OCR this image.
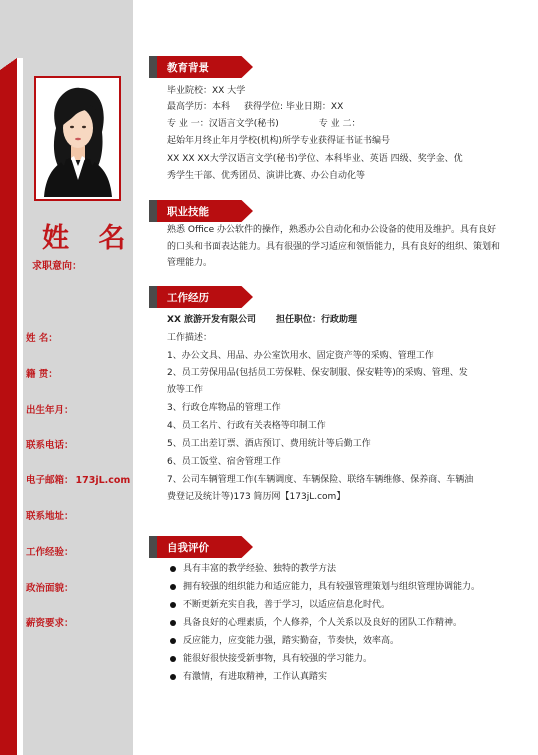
姓 名
求职意向：
姓 名：
籍 贯：
出生年月：
联系电话：
电子邮箱： 173jL.com
联系地址：
工作经验：
政治面貌：
薪资要求：
教育背景
毕业院校：XX 大学
最高学历：本科 获得学位: 毕业日期：XX
专 业 一：汉语言文学(秘书)	专 业 二：
起始年月终止年月学校(机构)所学专业获得证书证书编号
XX XX XX大学汉语言文学(秘书)学位、本科毕业、英语 四级、奖学金、优
秀学生干部、优秀团员、演讲比赛、办公自动化等
职业技能
熟悉 Office 办公软件的操作，熟悉办公自动化和办公设备的使用及维护。具有良好的口头和书面表达能力。具有很强的学习适应和领悟能力，具有良好的组织、策划和管理能力。
工作经历
XX 旅游开发有限公司 担任职位：行政助理
工作描述：
1、办公文具、用品、办公室饮用水、固定资产等的采购、管理工作
2、员工劳保用品(包括员工劳保鞋、保安制服、保安鞋等)的采购、管理、发
放等工作
3、行政仓库物品的管理工作
4、员工名片、行政有关表格等印制工作
5、员工出差订票、酒店预订、费用统计等后勤工作
6、员工饭堂、宿舍管理工作
7、公司车辆管理工作(车辆调度、车辆保险、联络车辆维修、保养商、车辆油
费登记及统计等)173 简历网【173jL.com】
自我评价
具有丰富的教学经验、独特的教学方法
拥有较强的组织能力和适应能力，具有较强管理策划与组织管理协调能力。
不断更新充实自我，善于学习，以适应信息化时代。
具备良好的心理素质，个人修养，个人关系以及良好的团队工作精神。
反应能力，应变能力强，踏实勤奋，节奏快，效率高。
能很好很快接受新事物，具有较强的学习能力。
有激情，有进取精神，工作认真踏实
